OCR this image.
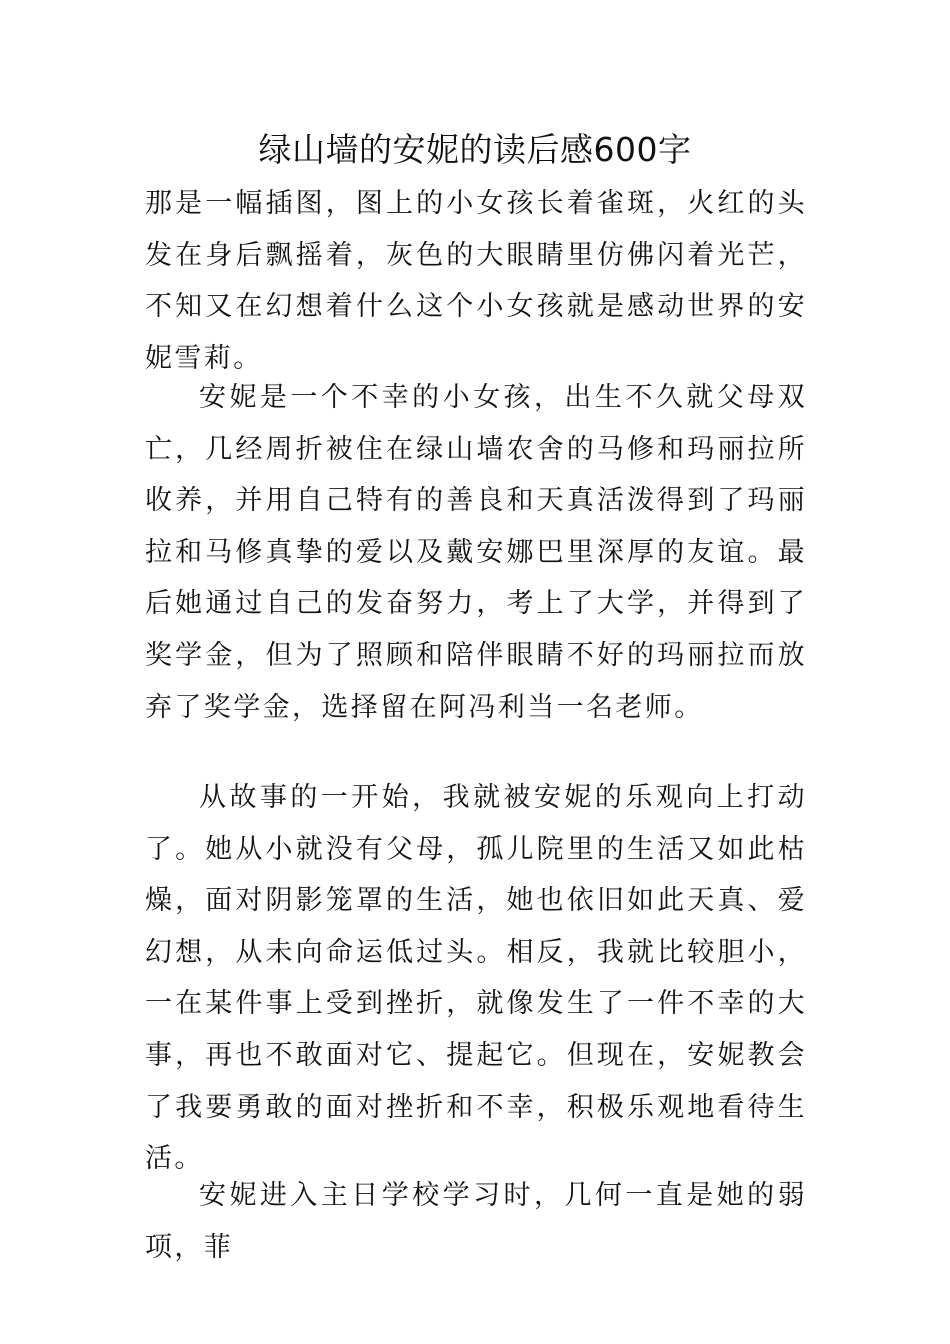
绿山墙的安妮的读后感600字

那是一幅插图，图上的小女孩长着雀斑，火红的头发在身后飘摇着，灰色的大眼睛里仿佛闪着光芒，不知又在幻想着什么这个小女孩就是感动世界的安妮雪莉。

安妮是一个不幸的小女孩，出生不久就父母双亡，几经周折被住在绿山墙农舍的马修和玛丽拉所收养，并用自己特有的善良和天真活泼得到了玛丽拉和马修真挚的爱以及戴安娜巴里深厚的友谊。最后她通过自己的发奋努力，考上了大学，并得到了奖学金，但为了照顾和陪伴眼睛不好的玛丽拉而放弃了奖学金，选择留在阿冯利当一名老师。

从故事的一开始，我就被安妮的乐观向上打动了。她从小就没有父母，孤儿院里的生活又如此枯燥，面对阴影笼罩的生活，她也依旧如此天真、爱幻想，从未向命运低过头。相反，我就比较胆小，一在某件事上受到挫折，就像发生了一件不幸的大事，再也不敢面对它、提起它。但现在，安妮教会了我要勇敢的面对挫折和不幸，积极乐观地看待生活。

安妮进入主日学校学习时，几何一直是她的弱项，菲
